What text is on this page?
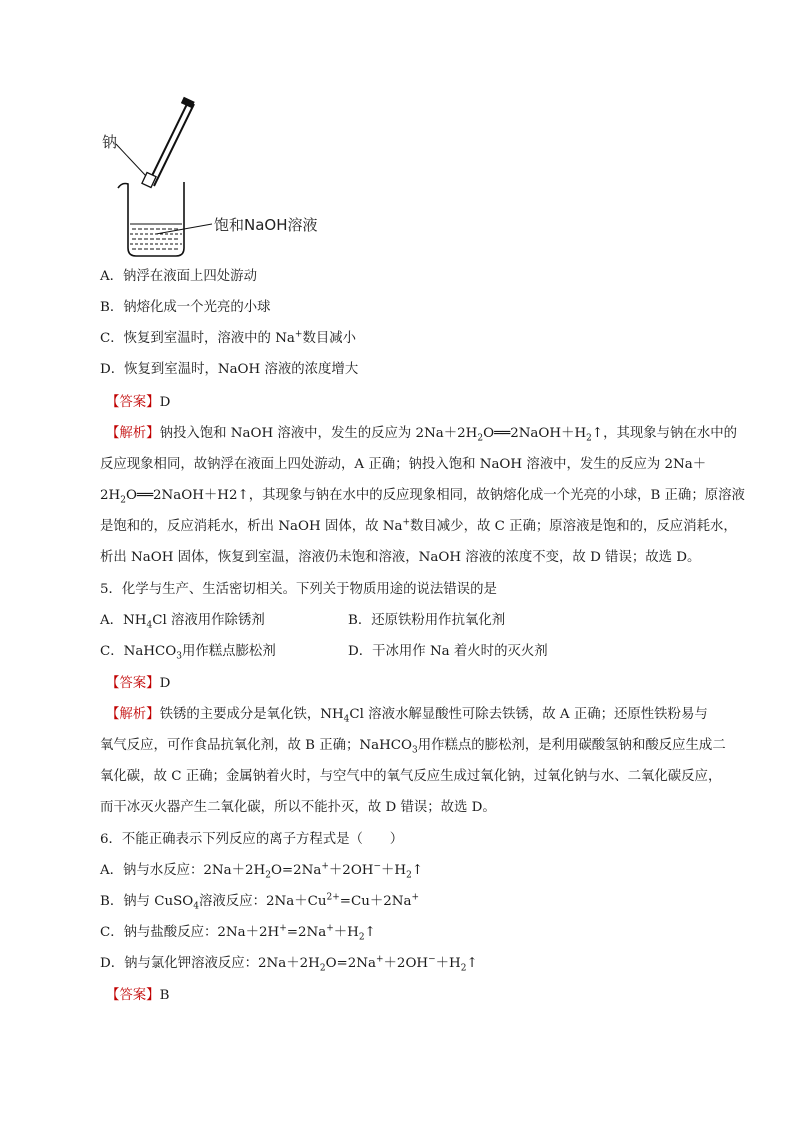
钠
饱和NaOH溶液
A．钠浮在液面上四处游动
B．钠熔化成一个光亮的小球
C．恢复到室温时，溶液中的 Na+数目减小
D．恢复到室温时，NaOH 溶液的浓度增大
【答案】D
【解析】钠投入饱和 NaOH 溶液中，发生的反应为 $2Na+2H_2O══2NaOH+H_2↑$，其现象与钠在水中的
反应现象相同，故钠浮在液面上四处游动，A 正确；钠投入饱和 NaOH 溶液中，发生的反应为 2Na＋
$2H_2O══2NaOH+H2↑$，其现象与钠在水中的反应现象相同，故钠熔化成一个光亮的小球，B 正确；原溶液
是饱和的，反应消耗水，析出 NaOH 固体，故 Na+数目减少，故 C 正确；原溶液是饱和的，反应消耗水，
析出 NaOH 固体，恢复到室温，溶液仍未饱和溶液，NaOH 溶液的浓度不变，故 D 错误；故选 D。
5．化学与生产、生活密切相关。下列关于物质用途的说法错误的是
A．$NH_4Cl$ 溶液用作除锈剂	B．还原铁粉用作抗氧化剂
C．NaHCO$_3$用作糕点膨松剂	D．干冰用作 Na 着火时的灭火剂
【答案】D
【解析】铁锈的主要成分是氧化铁，$NH_4Cl$ 溶液水解显酸性可除去铁锈，故 A 正确；还原性铁粉易与
氧气反应，可作食品抗氧化剂，故 B 正确；NaHCO$_3$用作糕点的膨松剂，是利用碳酸氢钠和酸反应生成二
氧化碳，故 C 正确；金属钠着火时，与空气中的氧气反应生成过氧化钠，过氧化钠与水、二氧化碳反应，
而干冰灭火器产生二氧化碳，所以不能扑灭，故 D 错误；故选 D。
6．不能正确表示下列反应的离子方程式是（　　）
A．钠与水反应：$2Na+2H_2O=2Na^++2OH^-+H_2↑$
B．钠与 CuSO$_4$溶液反应：$2Na+Cu^{2+}=Cu+2Na^+$
C．钠与盐酸反应：$2Na+2H^+=2Na^++H_2↑$
D．钠与氯化钾溶液反应：$2Na+2H_2O=2Na^++2OH^-+H_2↑$
【答案】B
